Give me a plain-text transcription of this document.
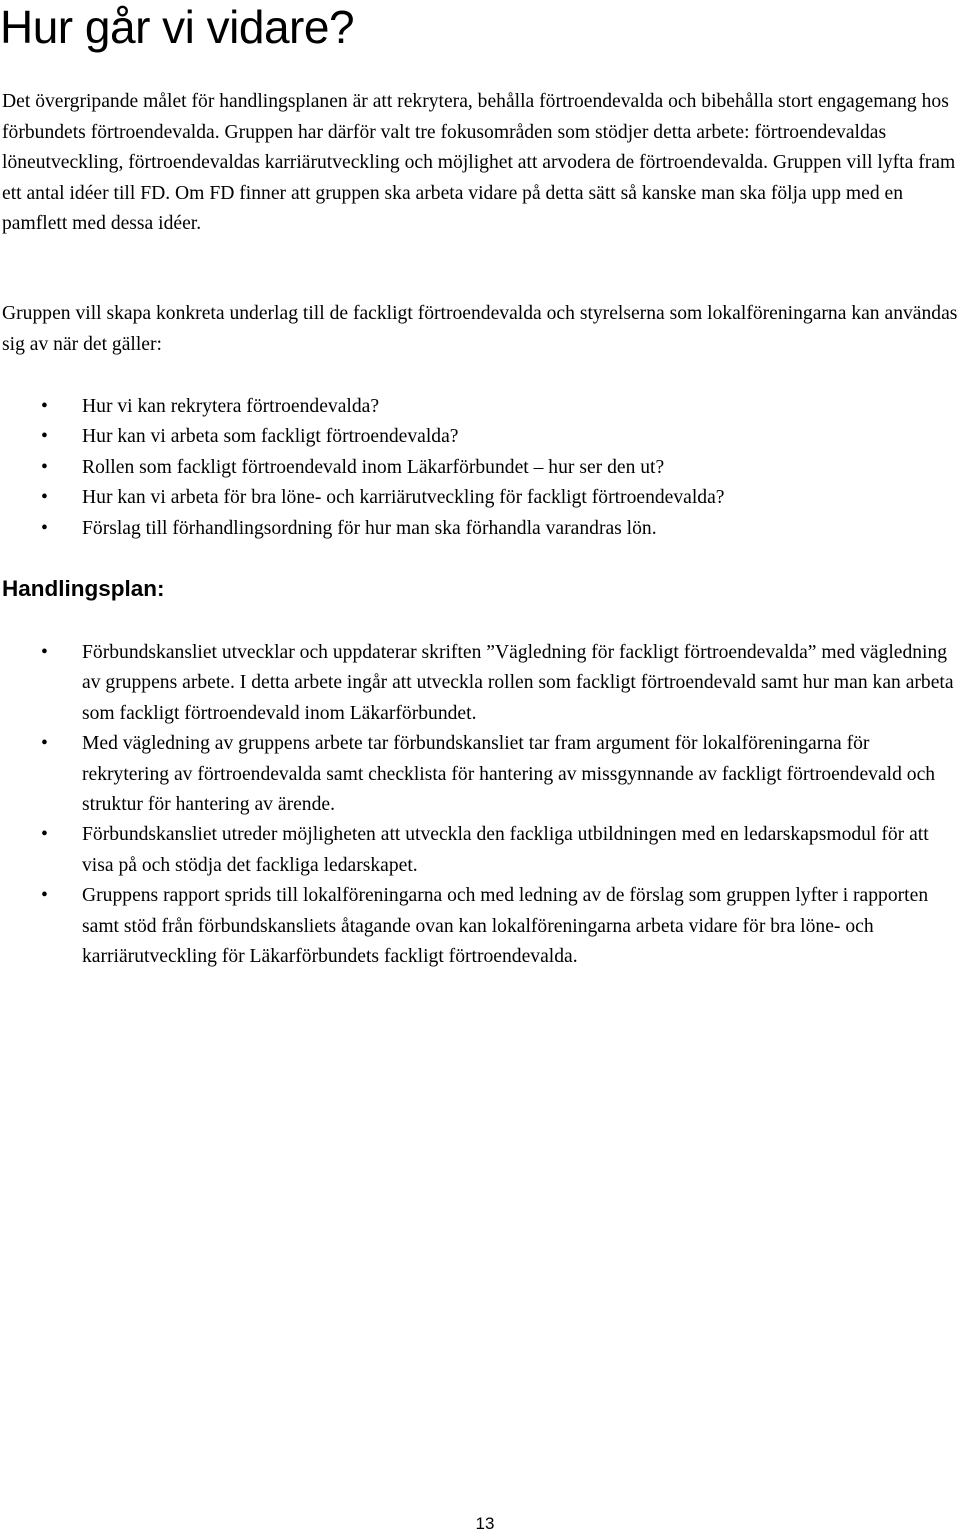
Hur går vi vidare?

Det övergripande målet för handlingsplanen är att rekrytera, behålla förtroendevalda och bibehålla stort engagemang hos förbundets förtroendevalda. Gruppen har därför valt tre fokusområden som stödjer detta arbete: förtroendevaldas löneutveckling, förtroendevaldas karriärutveckling och möjlighet att arvodera de förtroendevalda. Gruppen vill lyfta fram ett antal idéer till FD. Om FD finner att gruppen ska arbeta vidare på detta sätt så kanske man ska följa upp med en pamflett med dessa idéer.

Gruppen vill skapa konkreta underlag till de fackligt förtroendevalda och styrelserna som lokalföreningarna kan användas sig av när det gäller:

• Hur vi kan rekrytera förtroendevalda?
• Hur kan vi arbeta som fackligt förtroendevalda?
• Rollen som fackligt förtroendevald inom Läkarförbundet – hur ser den ut?
• Hur kan vi arbeta för bra löne- och karriärutveckling för fackligt förtroendevalda?
• Förslag till förhandlingsordning för hur man ska förhandla varandras lön.
Handlingsplan:
• Förbundskansliet utvecklar och uppdaterar skriften ”Vägledning för fackligt förtroendevalda” med vägledning av gruppens arbete. I detta arbete ingår att utveckla rollen som fackligt förtroendevald samt hur man kan arbeta som fackligt förtroendevald inom Läkarförbundet.
• Med vägledning av gruppens arbete tar förbundskansliet tar fram argument för lokalföreningarna för rekrytering av förtroendevalda samt checklista för hantering av missgynnande av fackligt förtroendevald och struktur för hantering av ärende.
• Förbundskansliet utreder möjligheten att utveckla den fackliga utbildningen med en ledarskapsmodul för att visa på och stödja det fackliga ledarskapet.
• Gruppens rapport sprids till lokalföreningarna och med ledning av de förslag som gruppen lyfter i rapporten samt stöd från förbundskansliets åtagande ovan kan lokalföreningarna arbeta vidare för bra löne- och karriärutveckling för Läkarförbundets fackligt förtroendevalda.
13
